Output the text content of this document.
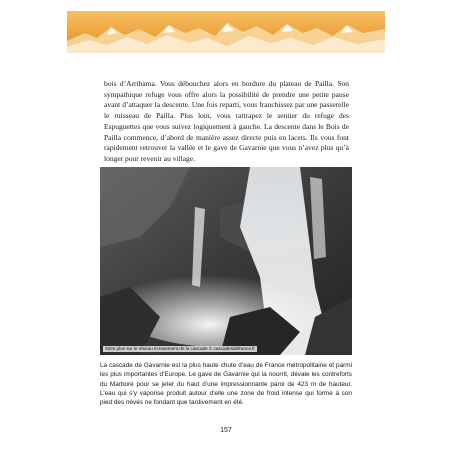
bois d’Arribama. Vous débouchez alors en bordure du plateau de Pailla. Son sympathique refuge vous offre alors la possibilité de prendre une petite pause avant d’attaquer la descente. Une fois reparti, vous franchissez par une passerelle le ruisseau de Pailla. Plus loin, vous rattrapez le sentier du refuge des Espuguettes que vous suivez logiquement à gauche. La descente dans le Bois de Pailla commence, d’abord de manière assez directe puis en lacets. Ils vous font rapidement retrouver la vallée et le gave de Gavarnie que vous n’avez plus qu’à longer pour revenir au village.

Sites plus sur le réseau écrasement de la cascade © cascadesdefrance.fr

La cascade de Gavarnie est la plus haute chute d’eau de France métropolitaine et parmi les plus importantes d’Europe. Le gave de Gavarnie qui la nourrit, dévale les contreforts du Marboré pour se jeter du haut d’une impressionnante paroi de 423 m de hauteur. L’eau qui s’y vaporise produit autour d’elle une zone de froid intense qui forme à son pied des névés ne fondant que tardivement en été.

157
